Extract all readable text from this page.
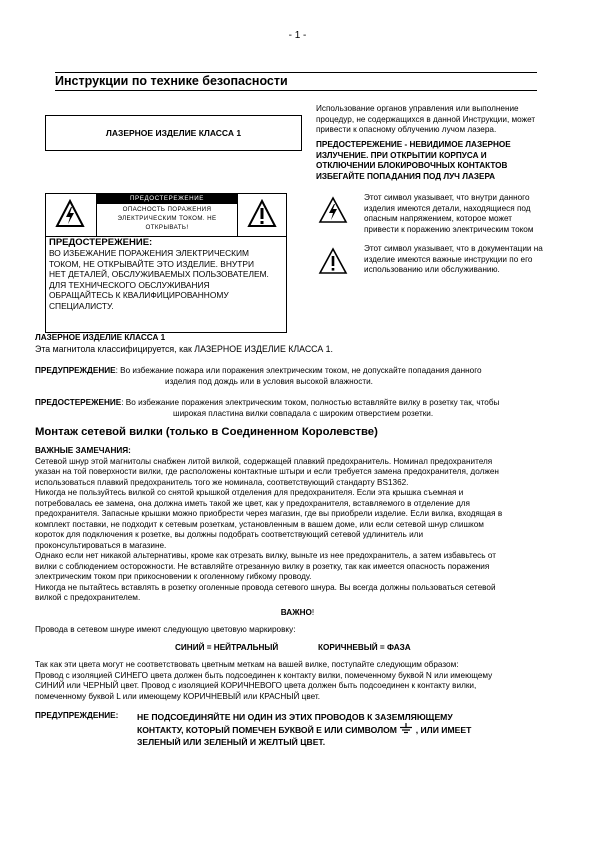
- 1 -
Инструкции по технике безопасности
ЛАЗЕРНОЕ ИЗДЕЛИЕ КЛАССА 1
ПРЕДОСТЕРЕЖЕНИЕ
ОПАСНОСТЬ ПОРАЖЕНИЯ
ЭЛЕКТРИЧЕСКИМ ТОКОМ. НЕ
ОТКРЫВАТЬ!
ПРЕДОСТЕРЕЖЕНИЕ:
ВО ИЗБЕЖАНИЕ ПОРАЖЕНИЯ ЭЛЕКТРИЧЕСКИМ
ТОКОМ, НЕ ОТКРЫВАЙТЕ ЭТО ИЗДЕЛИЕ. ВНУТРИ
НЕТ ДЕТАЛЕЙ, ОБСЛУЖИВАЕМЫХ ПОЛЬЗОВАТЕЛЕМ.
ДЛЯ ТЕХНИЧЕСКОГО ОБСЛУЖИВАНИЯ
ОБРАЩАЙТЕСЬ К КВАЛИФИЦИРОВАННОМУ
СПЕЦИАЛИСТУ.
Использование органов управления или выполнение
процедур, не содержащихся в данной Инструкции, может
привести к опасному облучению лучом лазера.
ПРЕДОСТЕРЕЖЕНИЕ - НЕВИДИМОЕ ЛАЗЕРНОЕ
ИЗЛУЧЕНИЕ. ПРИ ОТКРЫТИИ КОРПУСА И
ОТКЛЮЧЕНИИ БЛОКИРОВОЧНЫХ КОНТАКТОВ
ИЗБЕГАЙТЕ ПОПАДАНИЯ ПОД ЛУЧ ЛАЗЕРА
Этот символ указывает, что внутри данного
изделия имеются детали, находящиеся под
опасным напряжением, которое может
привести к поражению электрическим током
Этот символ указывает, что в документации на
изделие имеются важные инструкции по его
использованию или обслуживанию.
ЛАЗЕРНОЕ ИЗДЕЛИЕ КЛАССА 1
Эта магнитола классифицируется, как ЛАЗЕРНОЕ ИЗДЕЛИЕ КЛАССА 1.
ПРЕДУПРЕЖДЕНИЕ: Во избежание пожара или поражения электрическим током, не допускайте попадания данного
изделия под дождь или в условия высокой влажности.
ПРЕДОСТЕРЕЖЕНИЕ: Во избежание поражения электрическим током, полностью вставляйте вилку в розетку так, чтобы
широкая пластина вилки совпадала с широким отверстием розетки.
Монтаж сетевой вилки (только в Соединенном Королевстве)
ВАЖНЫЕ ЗАМЕЧАНИЯ:
Сетевой шнур этой магнитолы снабжен литой вилкой, содержащей плавкий предохранитель. Номинал предохранителя
указан на той поверхности вилки, где расположены контактные штыри и если требуется замена предохранителя, должен
использоваться плавкий предохранитель того же номинала, соответствующий стандарту BS1362.
Никогда не пользуйтесь вилкой со снятой крышкой отделения для предохранителя. Если эта крышка съемная и
потребовалась ее замена, она должна иметь такой же цвет, как у предохранителя, вставляемого в отделение для
предохранителя. Запасные крышки можно приобрести через магазин, где вы приобрели изделие. Если вилка, входящая в
комплект поставки, не подходит к сетевым розеткам, установленным в вашем доме, или если сетевой шнур слишком
короток для подключения к розетке, вы должны подобрать соответствующий сетевой удлинитель или
проконсультироваться в магазине.
Однако если нет никакой альтернативы, кроме как отрезать вилку, выньте из нее предохранитель, а затем избавьтесь от
вилки с соблюдением осторожности. Не вставляйте отрезанную вилку в розетку, так как имеется опасность поражения
электрическим током при прикосновении к оголенному гибкому проводу.
Никогда не пытайтесь вставлять в розетку оголенные провода сетевого шнура. Вы всегда должны пользоваться сетевой
вилкой с предохранителем.
ВАЖНО!
Провода в сетевом шнуре имеют следующую цветовую маркировку:
СИНИЙ = НЕЙТРАЛЬНЫЙ	КОРИЧНЕВЫЙ = ФАЗА
Так как эти цвета могут не соответствовать цветным меткам на вашей вилке, поступайте следующим образом:
Провод с изоляцией СИНЕГО цвета должен быть подсоединен к контакту вилки, помеченному буквой N или имеющему
СИНИЙ или ЧЕРНЫЙ цвет. Провод с изоляцией КОРИЧНЕВОГО цвета должен быть подсоединен к контакту вилки,
помеченному буквой L или имеющему КОРИЧНЕВЫЙ или КРАСНЫЙ цвет.
ПРЕДУПРЕЖДЕНИЕ: НЕ ПОДСОЕДИНЯЙТЕ НИ ОДИН ИЗ ЭТИХ ПРОВОДОВ К ЗАЗЕМЛЯЮЩЕМУ
КОНТАКТУ, КОТОРЫЙ ПОМЕЧЕН БУКВОЙ Е ИЛИ СИМВОЛОМ , ИЛИ ИМЕЕТ
ЗЕЛЕНЫЙ ИЛИ ЗЕЛЕНЫЙ И ЖЕЛТЫЙ ЦВЕТ.
